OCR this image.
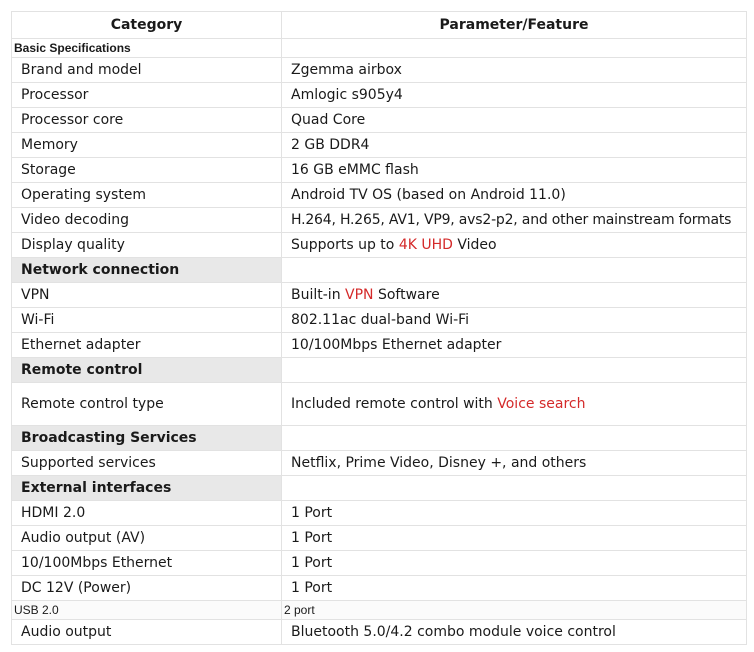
Category	Parameter/Feature
Basic Specifications	
Brand and model	Zgemma airbox
Processor	Amlogic s905y4
Processor core	Quad Core
Memory	2 GB DDR4
Storage	16 GB eMMC flash
Operating system	Android TV OS (based on Android 11.0)
Video decoding	H.264, H.265, AV1, VP9, avs2-p2, and other mainstream formats
Display quality	Supports up to 4K UHD Video
Network connection	
VPN	Built-in VPN Software
Wi-Fi	802.11ac dual-band Wi-Fi
Ethernet adapter	10/100Mbps Ethernet adapter
Remote control	
Remote control type	Included remote control with Voice search
Broadcasting Services	
Supported services	Netflix, Prime Video, Disney +, and others
External interfaces	
HDMI 2.0	1 Port
Audio output (AV)	1 Port
10/100Mbps Ethernet	1 Port
DC 12V (Power)	1 Port
USB 2.0	2 port
Audio output	Bluetooth 5.0/4.2 combo module voice control
